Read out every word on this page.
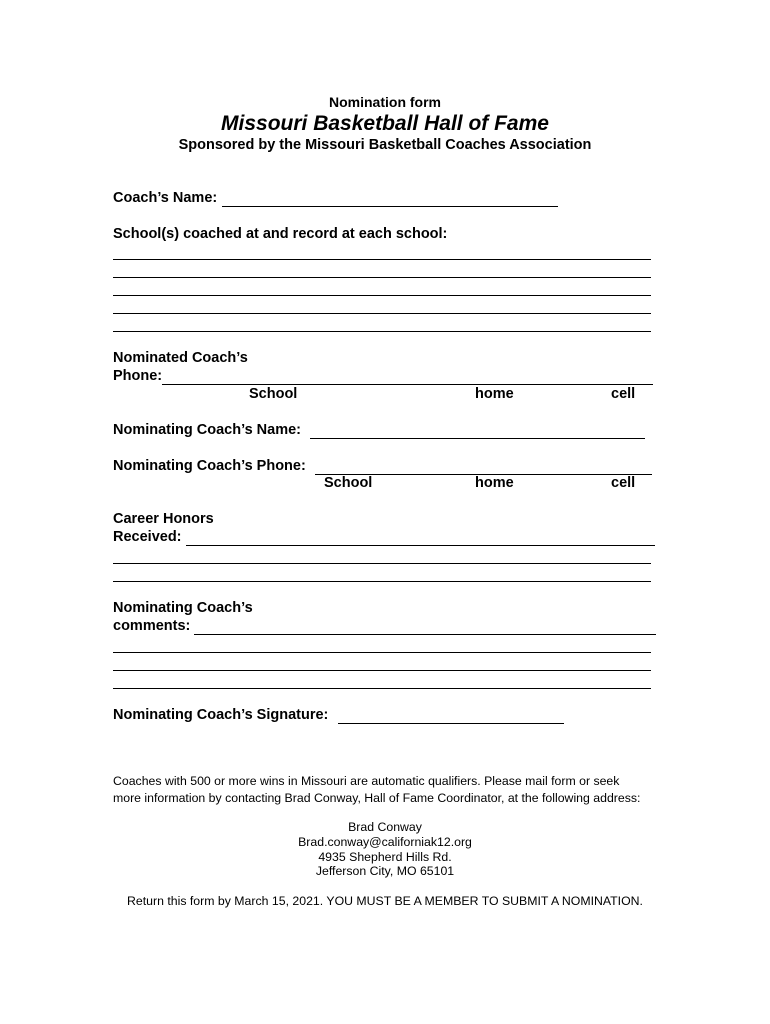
Nomination form
Missouri Basketball Hall of Fame
Sponsored by the Missouri Basketball Coaches Association
Coach’s Name:
School(s) coached at and record at each school:
Nominated Coach’s
Phone:
School	home	cell
Nominating Coach’s Name:
Nominating Coach’s Phone:
School	home	cell
Career Honors
Received:
Nominating Coach’s
comments:
Nominating Coach’s Signature:
Coaches with 500 or more wins in Missouri are automatic qualifiers. Please mail form or seek
more information by contacting Brad Conway, Hall of Fame Coordinator, at the following address:
Brad Conway
Brad.conway@californiak12.org
4935 Shepherd Hills Rd.
Jefferson City, MO 65101
Return this form by March 15, 2021. YOU MUST BE A MEMBER TO SUBMIT A NOMINATION.
